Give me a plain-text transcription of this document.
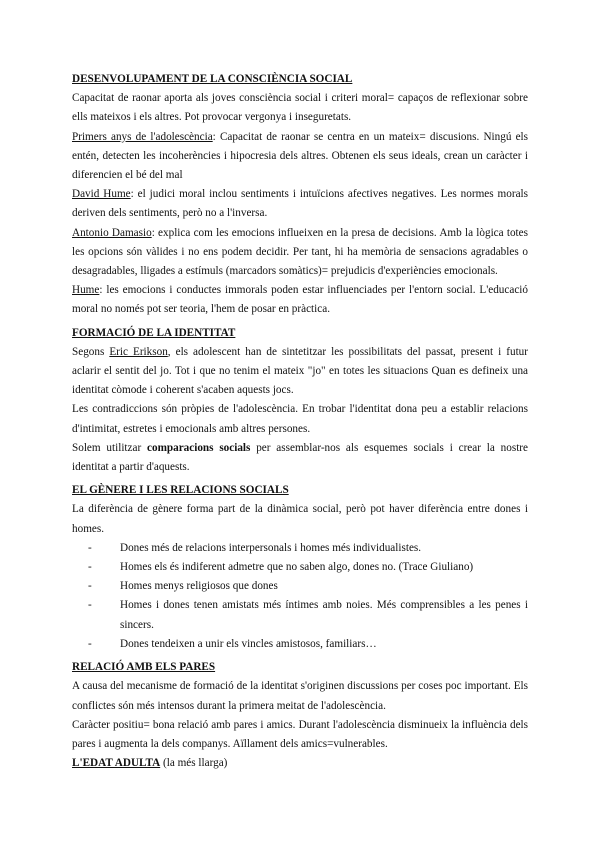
DESENVOLUPAMENT DE LA CONSCIÈNCIA SOCIAL

Capacitat de raonar aporta als joves consciència social i criteri moral= capaços de reflexionar sobre ells mateixos i els altres. Pot provocar vergonya i inseguretats.

Primers anys de l'adolescència: Capacitat de raonar se centra en un mateix= discusions. Ningú els entén, detecten les incoherències i hipocresia dels altres. Obtenen els seus ideals, crean un caràcter i diferencien el bé del mal

David Hume: el judici moral inclou sentiments i intuïcions afectives negatives. Les normes morals deriven dels sentiments, però no a l'inversa.

Antonio Damasio: explica com les emocions influeixen en la presa de decisions. Amb la lògica totes les opcions són vàlides i no ens podem decidir. Per tant, hi ha memòria de sensacions agradables o desagradables, lligades a estímuls (marcadors somàtics)= prejudicis d'experiències emocionals.

Hume: les emocions i conductes immorals poden estar influenciades per l'entorn social. L'educació moral no només pot ser teoria, l'hem de posar en pràctica.

FORMACIÓ DE LA IDENTITAT

Segons Eric Erikson, els adolescent han de sintetitzar les possibilitats del passat, present i futur aclarir el sentit del jo. Tot i que no tenim el mateix "jo" en totes les situacions Quan es defineix una identitat còmode i coherent s'acaben aquests jocs.

Les contradiccions són pròpies de l'adolescència. En trobar l'identitat dona peu a establir relacions d'intimitat, estretes i emocionals amb altres persones.

Solem utilitzar comparacions socials per assemblar-nos als esquemes socials i crear la nostre identitat a partir d'aquests.

EL GÈNERE I LES RELACIONS SOCIALS

La diferència de gènere forma part de la dinàmica social, però pot haver diferència entre dones i homes.

-	Dones més de relacions interpersonals i homes més individualistes.
-	Homes els és indiferent admetre que no saben algo, dones no. (Trace Giuliano)
-	Homes menys religiosos que dones
-	Homes i dones tenen amistats més íntimes amb noies. Més comprensibles a les penes i sincers.
-	Dones tendeixen a unir els vincles amistosos, familiars…
RELACIÓ AMB ELS PARES

A causa del mecanisme de formació de la identitat s'originen discussions per coses poc important. Els conflictes són més intensos durant la primera meitat de l'adolescència.

Caràcter positiu= bona relació amb pares i amics. Durant l'adolescència disminueix la influència dels pares i augmenta la dels companys. Aïllament dels amics=vulnerables.

L'EDAT ADULTA (la més llarga)
